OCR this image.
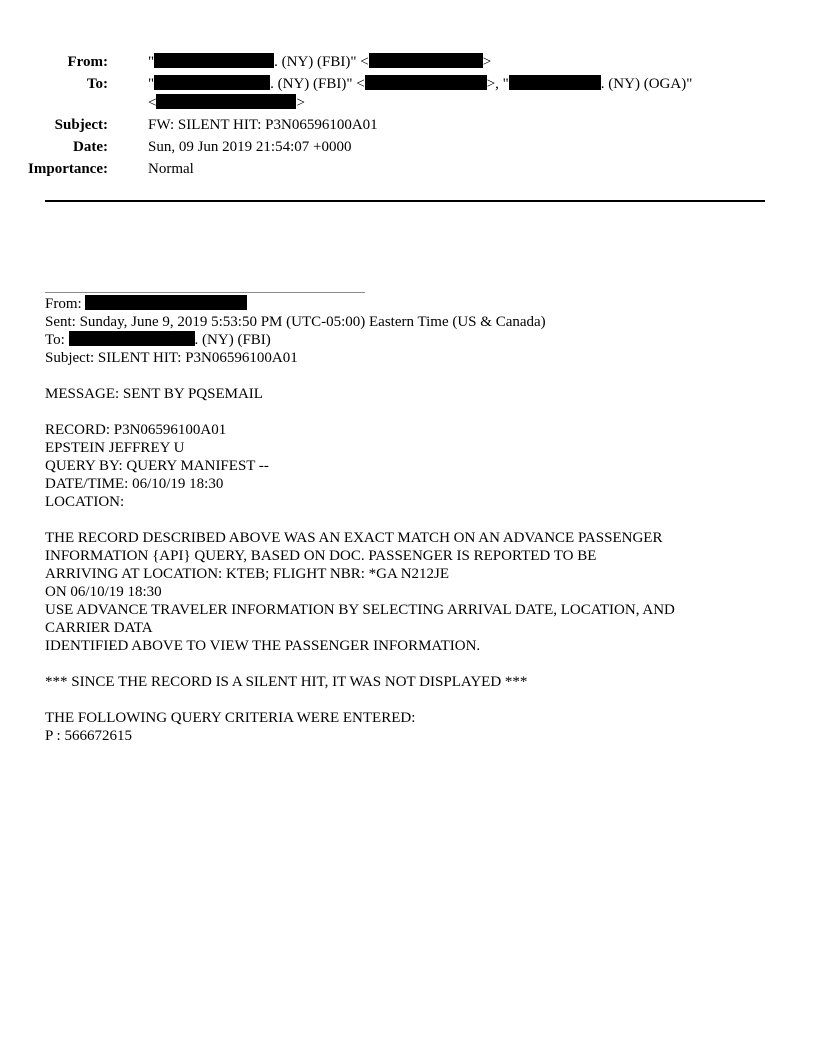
From:	"	. (NY) (FBI)" <	>
To:	"	. (NY) (FBI)" <	>, "	. (NY) (OGA)"
<	>
Subject:	FW: SILENT HIT: P3N06596100A01
Date:	Sun, 09 Jun 2019 21:54:07 +0000
Importance:	Normal
From:
Sent: Sunday, June 9, 2019 5:53:50 PM (UTC-05:00) Eastern Time (US & Canada)
To:	. (NY) (FBI)
Subject: SILENT HIT: P3N06596100A01
MESSAGE: SENT BY PQSEMAIL
RECORD: P3N06596100A01
EPSTEIN JEFFREY U
QUERY BY: QUERY MANIFEST --
DATE/TIME: 06/10/19 18:30
LOCATION:
THE RECORD DESCRIBED ABOVE WAS AN EXACT MATCH ON AN ADVANCE PASSENGER
INFORMATION {API} QUERY, BASED ON DOC. PASSENGER IS REPORTED TO BE
ARRIVING AT LOCATION: KTEB; FLIGHT NBR: *GA N212JE
ON 06/10/19 18:30
USE ADVANCE TRAVELER INFORMATION BY SELECTING ARRIVAL DATE, LOCATION, AND
CARRIER DATA
IDENTIFIED ABOVE TO VIEW THE PASSENGER INFORMATION.
*** SINCE THE RECORD IS A SILENT HIT, IT WAS NOT DISPLAYED ***
THE FOLLOWING QUERY CRITERIA WERE ENTERED:
P : 566672615
